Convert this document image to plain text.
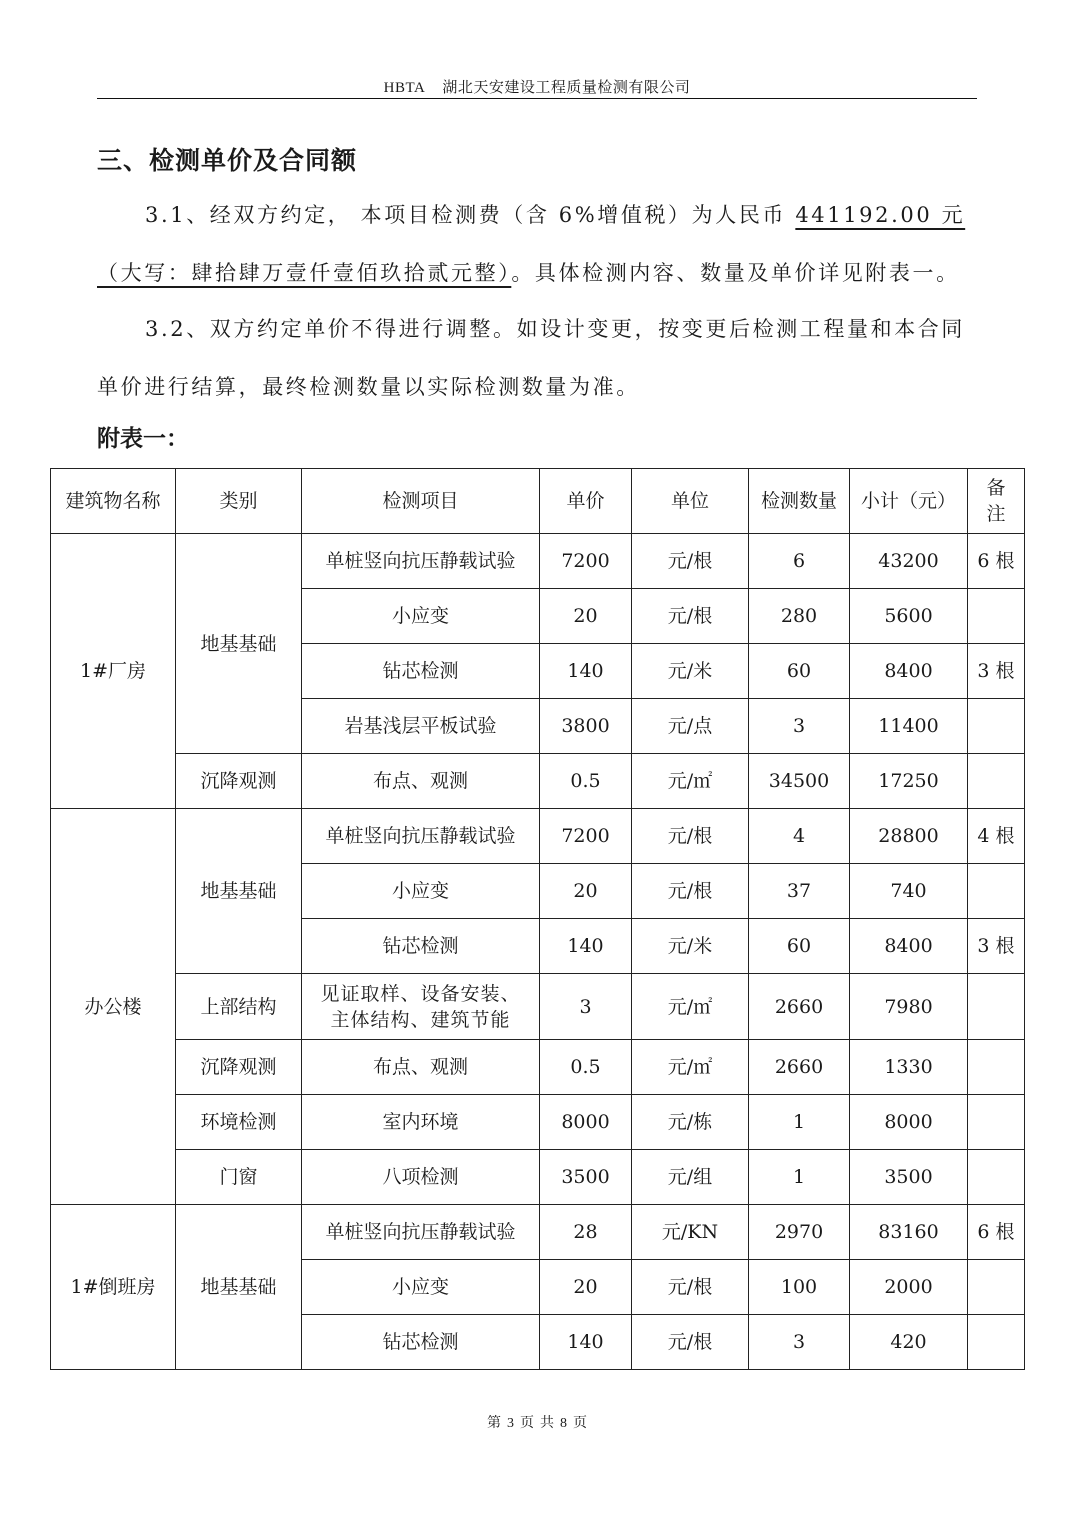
HBTA 湖北天安建设工程质量检测有限公司
三、检测单价及合同额
3.1、经双方约定， 本项目检测费（含 6%增值税）为人民币 441192.00 元（大写：肆拾肆万壹仟壹佰玖拾贰元整）。具体检测内容、数量及单价详见附表一。
3.2、双方约定单价不得进行调整。如设计变更，按变更后检测工程量和本合同单价进行结算，最终检测数量以实际检测数量为准。
附表一：
建筑物名称	类别	检测项目	单价	单位	检测数量	小计（元）	备注
1#厂房	地基基础	单桩竖向抗压静载试验	7200	元/根	6	43200	6 根
		小应变	20	元/根	280	5600	
		钻芯检测	140	元/米	60	8400	3 根
		岩基浅层平板试验	3800	元/点	3	11400	
	沉降观测	布点、观测	0.5	元/㎡	34500	17250	
办公楼	地基基础	单桩竖向抗压静载试验	7200	元/根	4	28800	4 根
		小应变	20	元/根	37	740	
		钻芯检测	140	元/米	60	8400	3 根
	上部结构	见证取样、设备安装、主体结构、建筑节能	3	元/㎡	2660	7980	
	沉降观测	布点、观测	0.5	元/㎡	2660	1330	
	环境检测	室内环境	8000	元/栋	1	8000	
	门窗	八项检测	3500	元/组	1	3500	
1#倒班房	地基基础	单桩竖向抗压静载试验	28	元/KN	2970	83160	6 根
		小应变	20	元/根	100	2000	
		钻芯检测	140	元/根	3	420	
第 3 页 共 8 页
